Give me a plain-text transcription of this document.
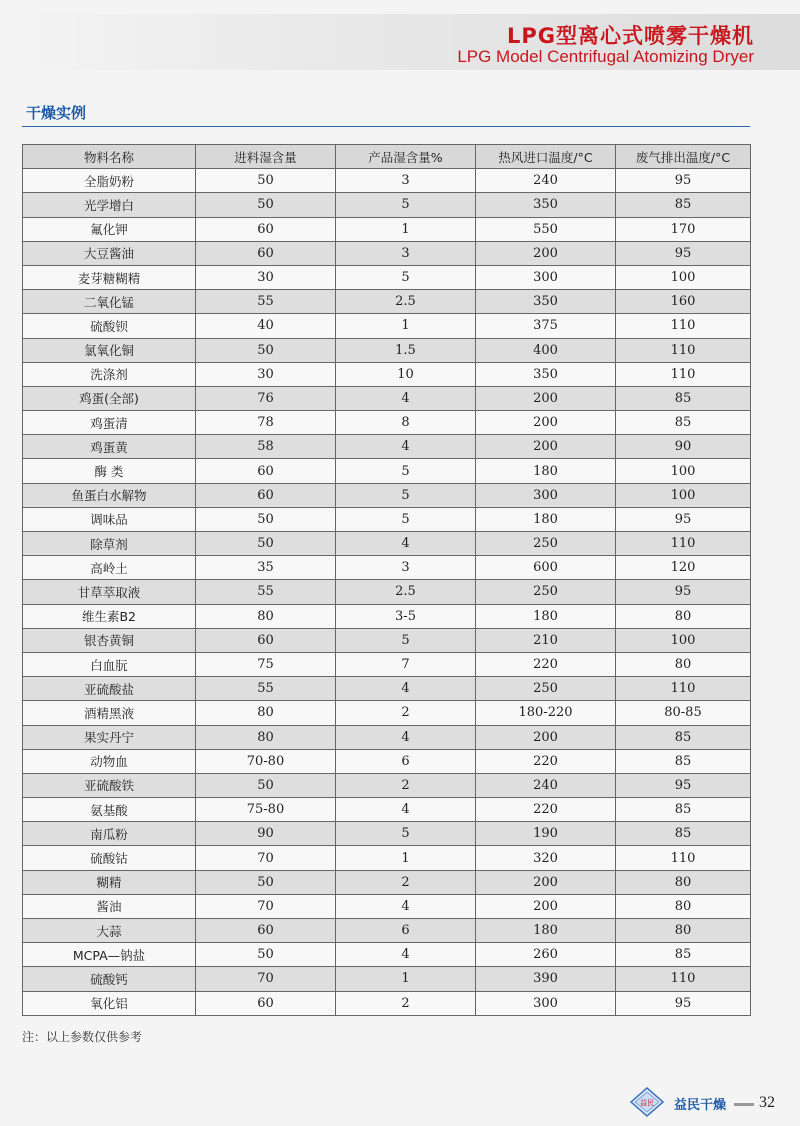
LPG型离心式喷雾干燥机
LPG Model Centrifugal Atomizing Dryer
干燥实例
物料名称	进料湿含量	产品湿含量%	热风进口温度/°C	废气排出温度/°C
全脂奶粉	50	3	240	95
光学增白	50	5	350	85
氟化钾	60	1	550	170
大豆酱油	60	3	200	95
麦芽糖糊精	30	5	300	100
二氧化锰	55	2.5	350	160
硫酸钡	40	1	375	110
氯氧化铜	50	1.5	400	110
洗涤剂	30	10	350	110
鸡蛋(全部)	76	4	200	85
鸡蛋清	78	8	200	85
鸡蛋黄	58	4	200	90
酶 类	60	5	180	100
鱼蛋白水解物	60	5	300	100
调味品	50	5	180	95
除草剂	50	4	250	110
高岭土	35	3	600	120
甘草萃取液	55	2.5	250	95
维生素B2	80	3-5	180	80
银杏黄铜	60	5	210	100
白血朊	75	7	220	80
亚硫酸盐	55	4	250	110
酒精黑液	80	2	180-220	80-85
果实丹宁	80	4	200	85
动物血	70-80	6	220	85
亚硫酸铁	50	2	240	95
氨基酸	75-80	4	220	85
南瓜粉	90	5	190	85
硫酸钴	70	1	320	110
糊精	50	2	200	80
酱油	70	4	200	80
大蒜	60	6	180	80
MCPA—钠盐	50	4	260	85
硫酸钙	70	1	390	110
氧化铝	60	2	300	95
注：以上参数仅供参考
益民 益民干燥 32
